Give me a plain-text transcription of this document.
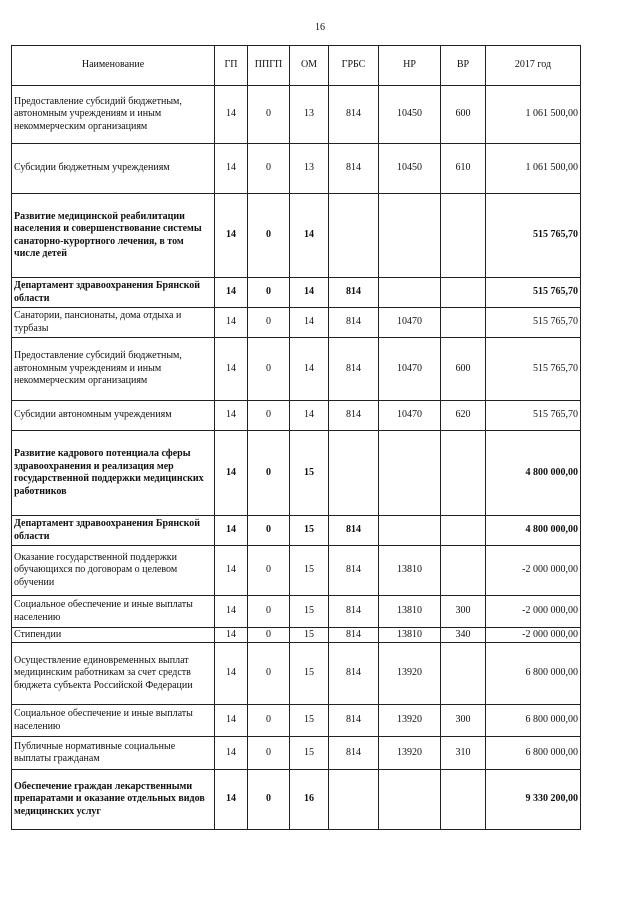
16
Наименование	ГП	ППГП	ОМ	ГРБС	НР	ВР	2017 год
Предоставление субсидий бюджетным, автономным учреждениям и иным некоммерческим организациям	14	0	13	814	10450	600	1 061 500,00
Субсидии бюджетным учреждениям	14	0	13	814	10450	610	1 061 500,00
Развитие медицинской реабилитации населения и совершенствование системы санаторно-курортного лечения, в том числе детей	14	0	14				515 765,70
Департамент здравоохранения Брянской области	14	0	14	814			515 765,70
Санатории, пансионаты, дома отдыха и турбазы	14	0	14	814	10470		515 765,70
Предоставление субсидий бюджетным, автономным учреждениям и иным некоммерческим организациям	14	0	14	814	10470	600	515 765,70
Субсидии автономным учреждениям	14	0	14	814	10470	620	515 765,70
Развитие кадрового потенциала сферы здравоохранения и реализация мер государственной поддержки медицинских работников	14	0	15				4 800 000,00
Департамент здравоохранения Брянской области	14	0	15	814			4 800 000,00
Оказание государственной поддержки обучающихся по договорам о целевом обучении	14	0	15	814	13810		-2 000 000,00
Социальное обеспечение и иные выплаты населению	14	0	15	814	13810	300	-2 000 000,00
Стипендии	14	0	15	814	13810	340	-2 000 000,00
Осуществление единовременных выплат медицинским работникам за счет средств бюджета субъекта Российской Федерации	14	0	15	814	13920		6 800 000,00
Социальное обеспечение и иные выплаты населению	14	0	15	814	13920	300	6 800 000,00
Публичные нормативные социальные выплаты гражданам	14	0	15	814	13920	310	6 800 000,00
Обеспечение граждан лекарственными препаратами и оказание отдельных видов медицинских услуг	14	0	16				9 330 200,00
